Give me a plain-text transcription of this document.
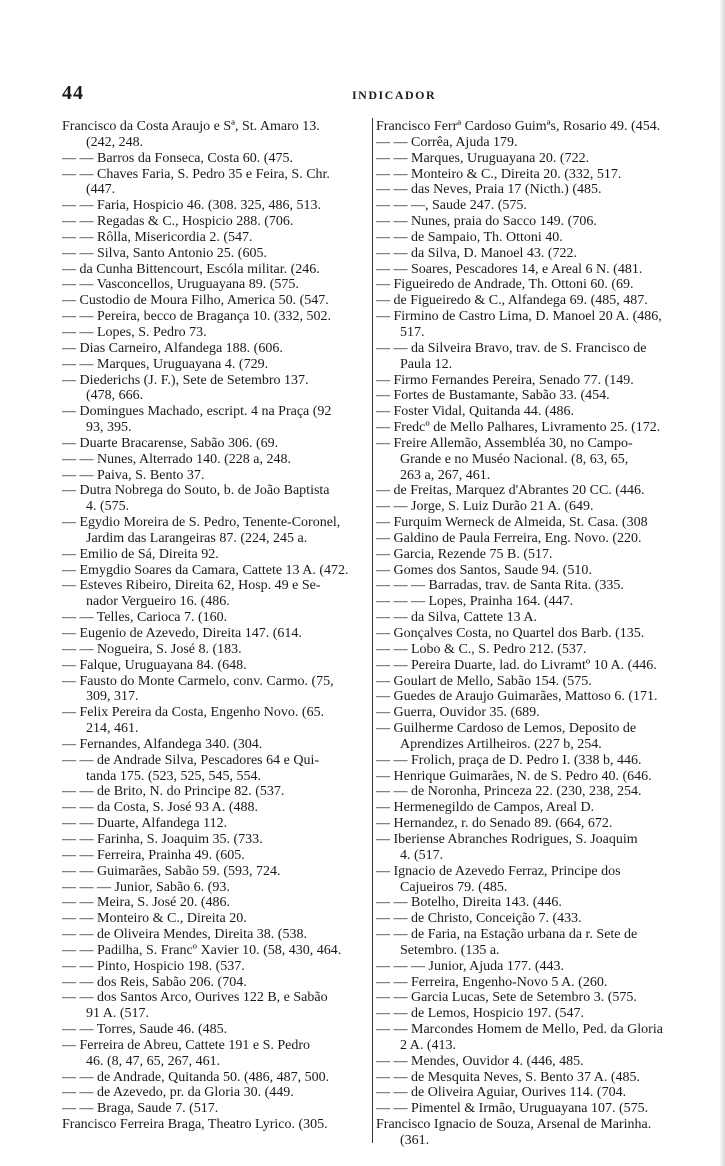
44	INDICADOR
Francisco da Costa Araujo e Sª, St. Amaro 13.
(242, 248.
— — Barros da Fonseca, Costa 60. (475.
— — Chaves Faria, S. Pedro 35 e Feira, S. Chr.
(447.
— — Faria, Hospicio 46. (308. 325, 486, 513.
— — Regadas & C., Hospicio 288. (706.
— — Rôlla, Misericordia 2. (547.
— — Silva, Santo Antonio 25. (605.
— da Cunha Bittencourt, Escóla militar. (246.
— — Vasconcellos, Uruguayana 89. (575.
— Custodio de Moura Filho, America 50. (547.
— — Pereira, becco de Bragança 10. (332, 502.
— — Lopes, S. Pedro 73.
— Dias Carneiro, Alfandega 188. (606.
— — Marques, Uruguayana 4. (729.
— Diederichs (J. F.), Sete de Setembro 137.
(478, 666.
— Domingues Machado, escript. 4 na Praça (92
93, 395.
— Duarte Bracarense, Sabão 306. (69.
— — Nunes, Alterrado 140. (228 a, 248.
— — Paiva, S. Bento 37.
— Dutra Nobrega do Souto, b. de João Baptista
4. (575.
— Egydio Moreira de S. Pedro, Tenente-Coronel,
Jardim das Larangeiras 87. (224, 245 a.
— Emilio de Sá, Direita 92.
— Emygdio Soares da Camara, Cattete 13 A. (472.
— Esteves Ribeiro, Direita 62, Hosp. 49 e Se-
nador Vergueiro 16. (486.
— — Telles, Carioca 7. (160.
— Eugenio de Azevedo, Direita 147. (614.
— — Nogueira, S. José 8. (183.
— Falque, Uruguayana 84. (648.
— Fausto do Monte Carmelo, conv. Carmo. (75,
309, 317.
— Felix Pereira da Costa, Engenho Novo. (65.
214, 461.
— Fernandes, Alfandega 340. (304.
— — de Andrade Silva, Pescadores 64 e Qui-
tanda 175. (523, 525, 545, 554.
— — de Brito, N. do Principe 82. (537.
— — da Costa, S. José 93 A. (488.
— — Duarte, Alfandega 112.
— — Farinha, S. Joaquim 35. (733.
— — Ferreira, Prainha 49. (605.
— — Guimarães, Sabão 59. (593, 724.
— — — Junior, Sabão 6. (93.
— — Meira, S. José 20. (486.
— — Monteiro & C., Direita 20.
— — de Oliveira Mendes, Direita 38. (538.
— — Padilha, S. Francº Xavier 10. (58, 430, 464.
— — Pinto, Hospicio 198. (537.
— — dos Reis, Sabão 206. (704.
— — dos Santos Arco, Ourives 122 B, e Sabão
91 A. (517.
— — Torres, Saude 46. (485.
— Ferreira de Abreu, Cattete 191 e S. Pedro
46. (8, 47, 65, 267, 461.
— — de Andrade, Quitanda 50. (486, 487, 500.
— — de Azevedo, pr. da Gloria 30. (449.
— — Braga, Saude 7. (517.
Francisco Ferreira Braga, Theatro Lyrico. (305.
Francisco Ferrª Cardoso Guimªs, Rosario 49. (454.
— — Corrêa, Ajuda 179.
— — Marques, Uruguayana 20. (722.
— — Monteiro & C., Direita 20. (332, 517.
— — das Neves, Praia 17 (Nicth.) (485.
— — —, Saude 247. (575.
— — Nunes, praia do Sacco 149. (706.
— — de Sampaio, Th. Ottoni 40.
— — da Silva, D. Manoel 43. (722.
— — Soares, Pescadores 14, e Areal 6 N. (481.
— Figueiredo de Andrade, Th. Ottoni 60. (69.
— de Figueiredo & C., Alfandega 69. (485, 487.
— Firmino de Castro Lima, D. Manoel 20 A. (486,
517.
— — da Silveira Bravo, trav. de S. Francisco de
Paula 12.
— Firmo Fernandes Pereira, Senado 77. (149.
— Fortes de Bustamante, Sabão 33. (454.
— Foster Vidal, Quitanda 44. (486.
— Fredcº de Mello Palhares, Livramento 25. (172.
— Freire Allemão, Assembléa 30, no Campo-
Grande e no Muséo Nacional. (8, 63, 65,
263 a, 267, 461.
— de Freitas, Marquez d'Abrantes 20 CC. (446.
— — Jorge, S. Luiz Durão 21 A. (649.
— Furquim Werneck de Almeida, St. Casa. (308
— Galdino de Paula Ferreira, Eng. Novo. (220.
— Garcia, Rezende 75 B. (517.
— Gomes dos Santos, Saude 94. (510.
— — — Barradas, trav. de Santa Rita. (335.
— — — Lopes, Prainha 164. (447.
— — da Silva, Cattete 13 A.
— Gonçalves Costa, no Quartel dos Barb. (135.
— — Lobo & C., S. Pedro 212. (537.
— — Pereira Duarte, lad. do Livramtº 10 A. (446.
— Goulart de Mello, Sabão 154. (575.
— Guedes de Araujo Guimarães, Mattoso 6. (171.
— Guerra, Ouvidor 35. (689.
— Guilherme Cardoso de Lemos, Deposito de
Aprendizes Artilheiros. (227 b, 254.
— — Frolich, praça de D. Pedro I. (338 b, 446.
— Henrique Guimarães, N. de S. Pedro 40. (646.
— — de Noronha, Princeza 22. (230, 238, 254.
— Hermenegildo de Campos, Areal D.
— Hernandez, r. do Senado 89. (664, 672.
— Iberiense Abranches Rodrigues, S. Joaquim
4. (517.
— Ignacio de Azevedo Ferraz, Principe dos
Cajueiros 79. (485.
— — Botelho, Direita 143. (446.
— — de Christo, Conceição 7. (433.
— — de Faria, na Estação urbana da r. Sete de
Setembro. (135 a.
— — — Junior, Ajuda 177. (443.
— — Ferreira, Engenho-Novo 5 A. (260.
— — Garcia Lucas, Sete de Setembro 3. (575.
— — de Lemos, Hospicio 197. (547.
— — Marcondes Homem de Mello, Ped. da Gloria
2 A. (413.
— — Mendes, Ouvidor 4. (446, 485.
— — de Mesquita Neves, S. Bento 37 A. (485.
— — de Oliveira Aguiar, Ourives 114. (704.
— — Pimentel & Irmão, Uruguayana 107. (575.
Francisco Ignacio de Souza, Arsenal de Marinha.
(361.
